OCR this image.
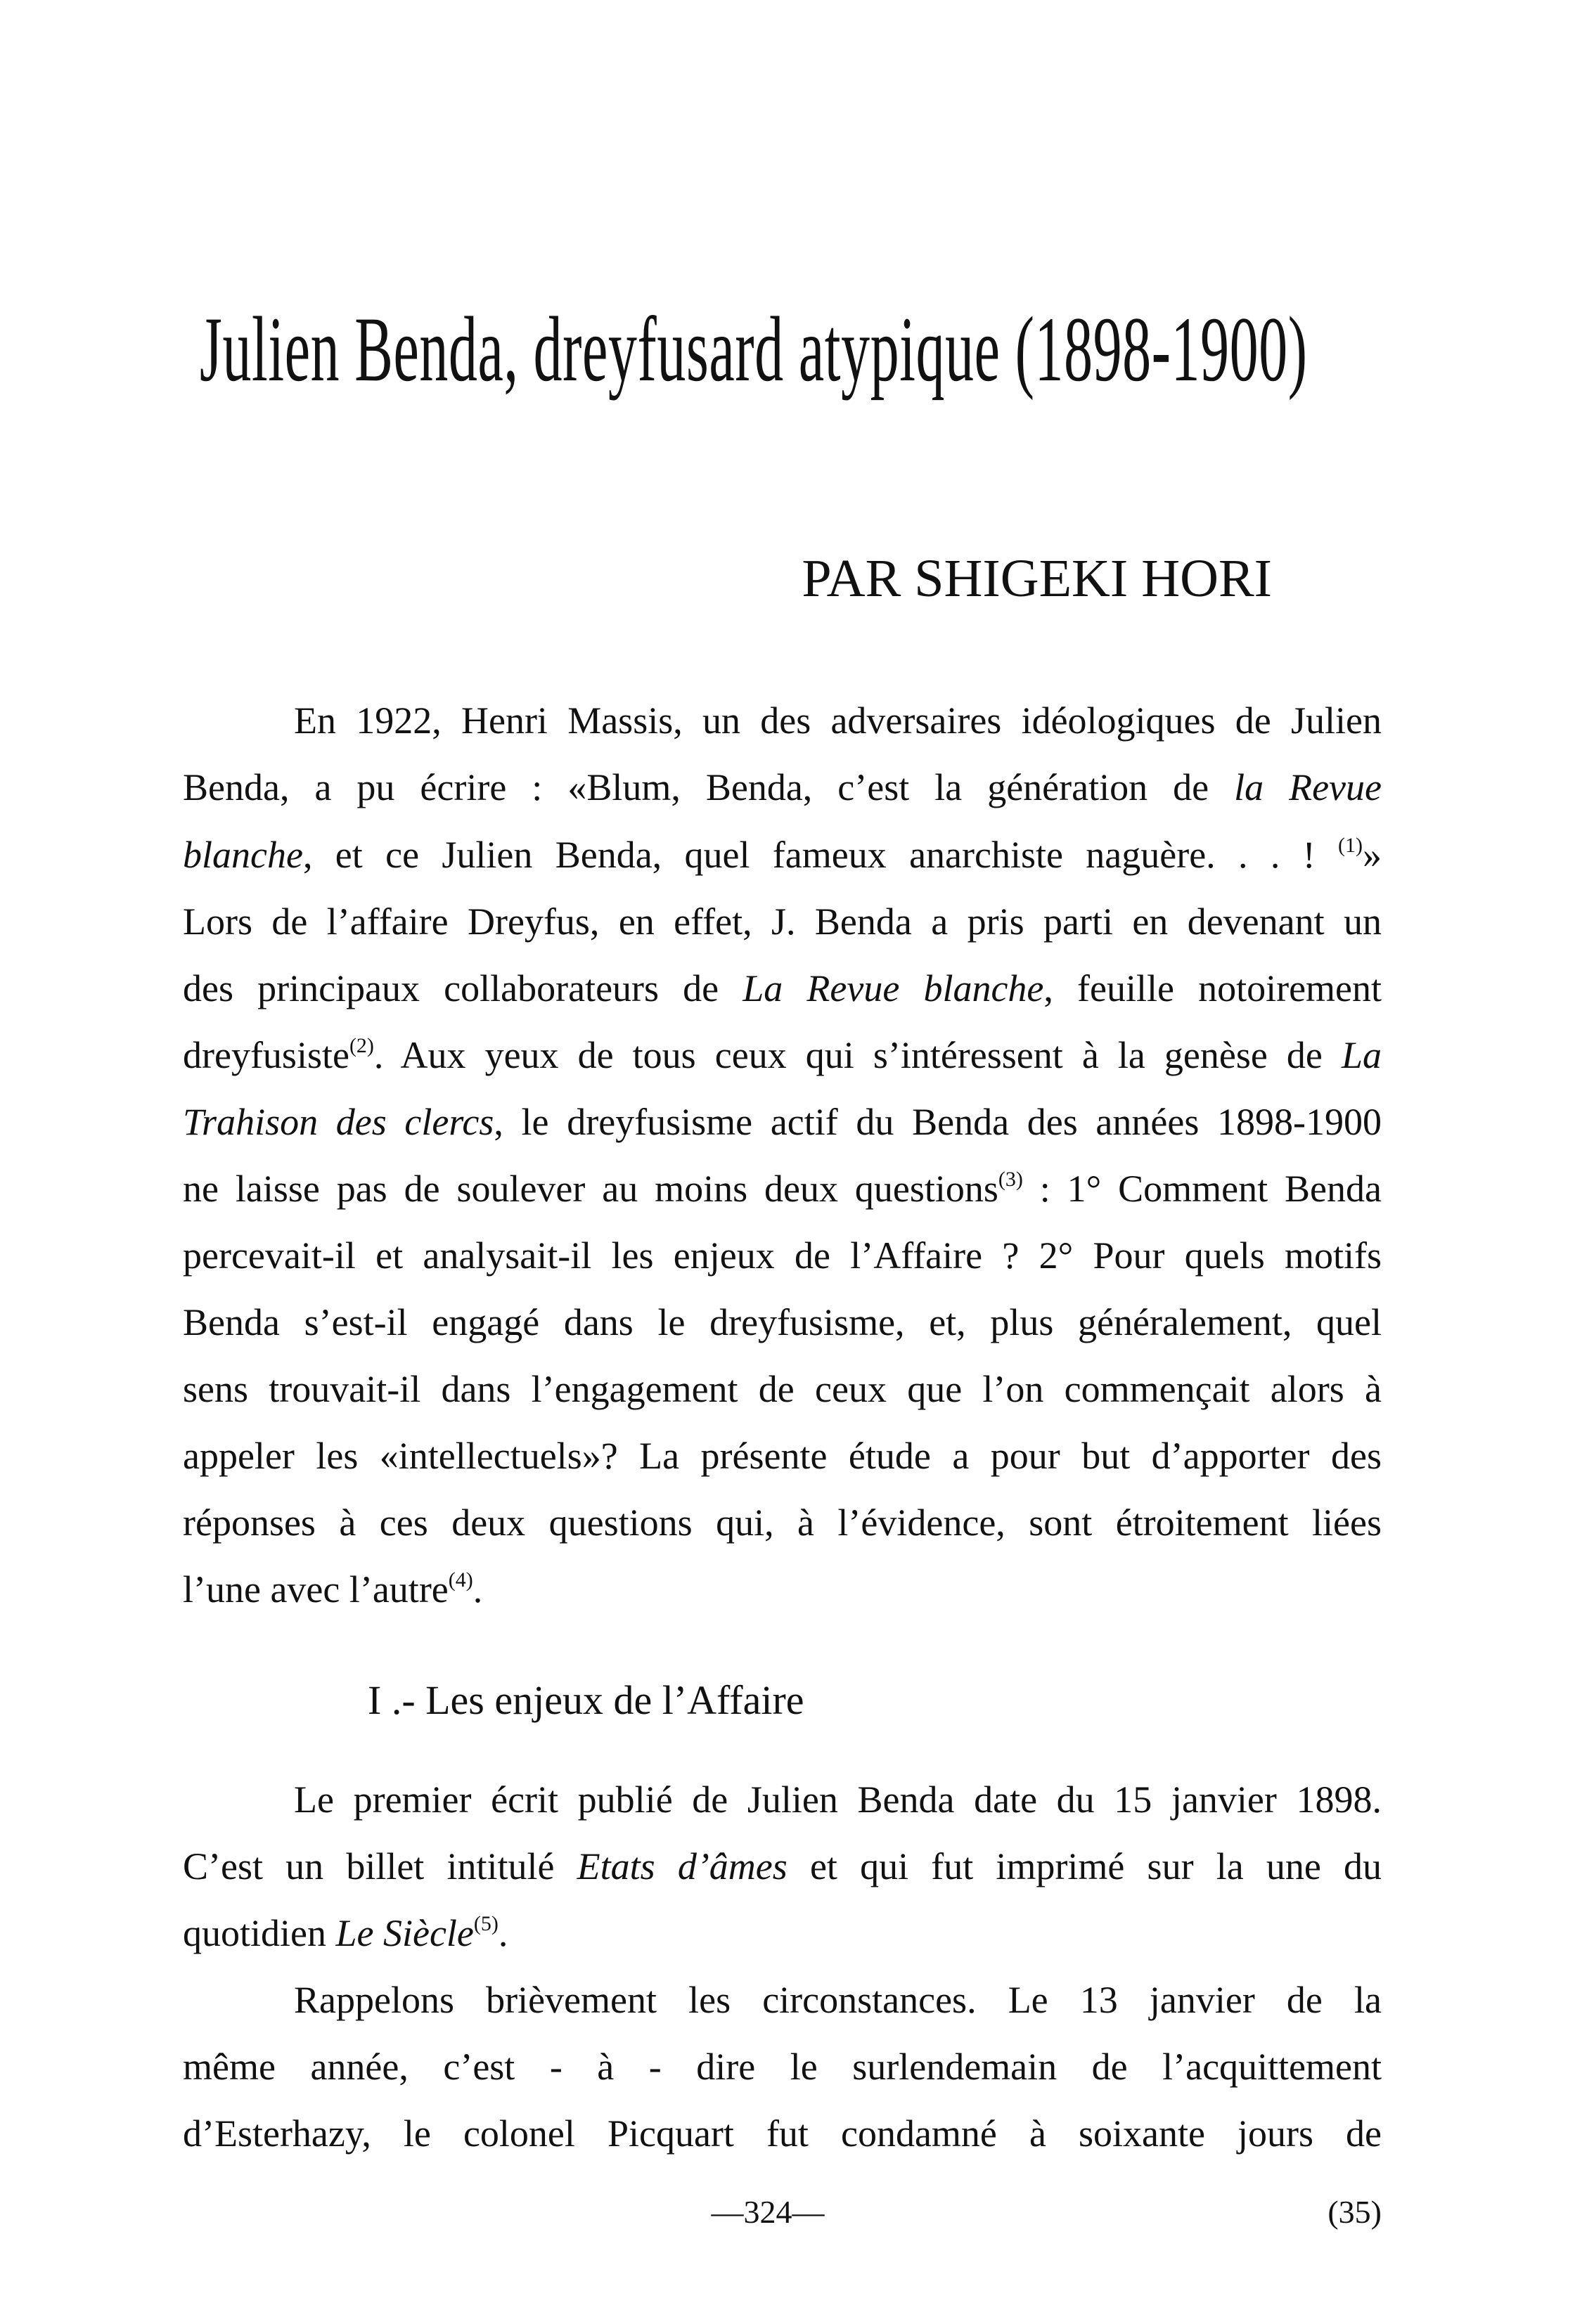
Julien Benda, dreyfusard atypique (1898-1900)
PAR SHIGEKI HORI
En 1922, Henri Massis, un des adversaires idéologiques de Julien
Benda, a pu écrire : «Blum, Benda, c’est la génération de la Revue
blanche, et ce Julien Benda, quel fameux anarchiste naguère. . . ! $^{(1)}$»
Lors de l’affaire Dreyfus, en effet, J. Benda a pris parti en devenant un
des principaux collaborateurs de La Revue blanche, feuille notoirement
dreyfusiste$^{(2)}$. Aux yeux de tous ceux qui s’intéressent à la genèse de La
Trahison des clercs, le dreyfusisme actif du Benda des années 1898-1900
ne laisse pas de soulever au moins deux questions$^{(3)}$ : 1° Comment Benda
percevait-il et analysait-il les enjeux de l’Affaire ? 2° Pour quels motifs
Benda s’est-il engagé dans le dreyfusisme, et, plus généralement, quel
sens trouvait-il dans l’engagement de ceux que l’on commençait alors à
appeler les «intellectuels»? La présente étude a pour but d’apporter des
réponses à ces deux questions qui, à l’évidence, sont étroitement liées
l’une avec l’autre$^{(4)}$.
Le premier écrit publié de Julien Benda date du 15 janvier 1898.
C’est un billet intitulé Etats d’âmes et qui fut imprimé sur la une du
quotidien Le Siècle$^{(5)}$.
Rappelons brièvement les circonstances. Le 13 janvier de la
même année, c’est - à - dire le surlendemain de l’acquittement
d’Esterhazy, le colonel Picquart fut condamné à soixante jours de
I .- Les enjeux de l’Affaire
—324—	(35)
